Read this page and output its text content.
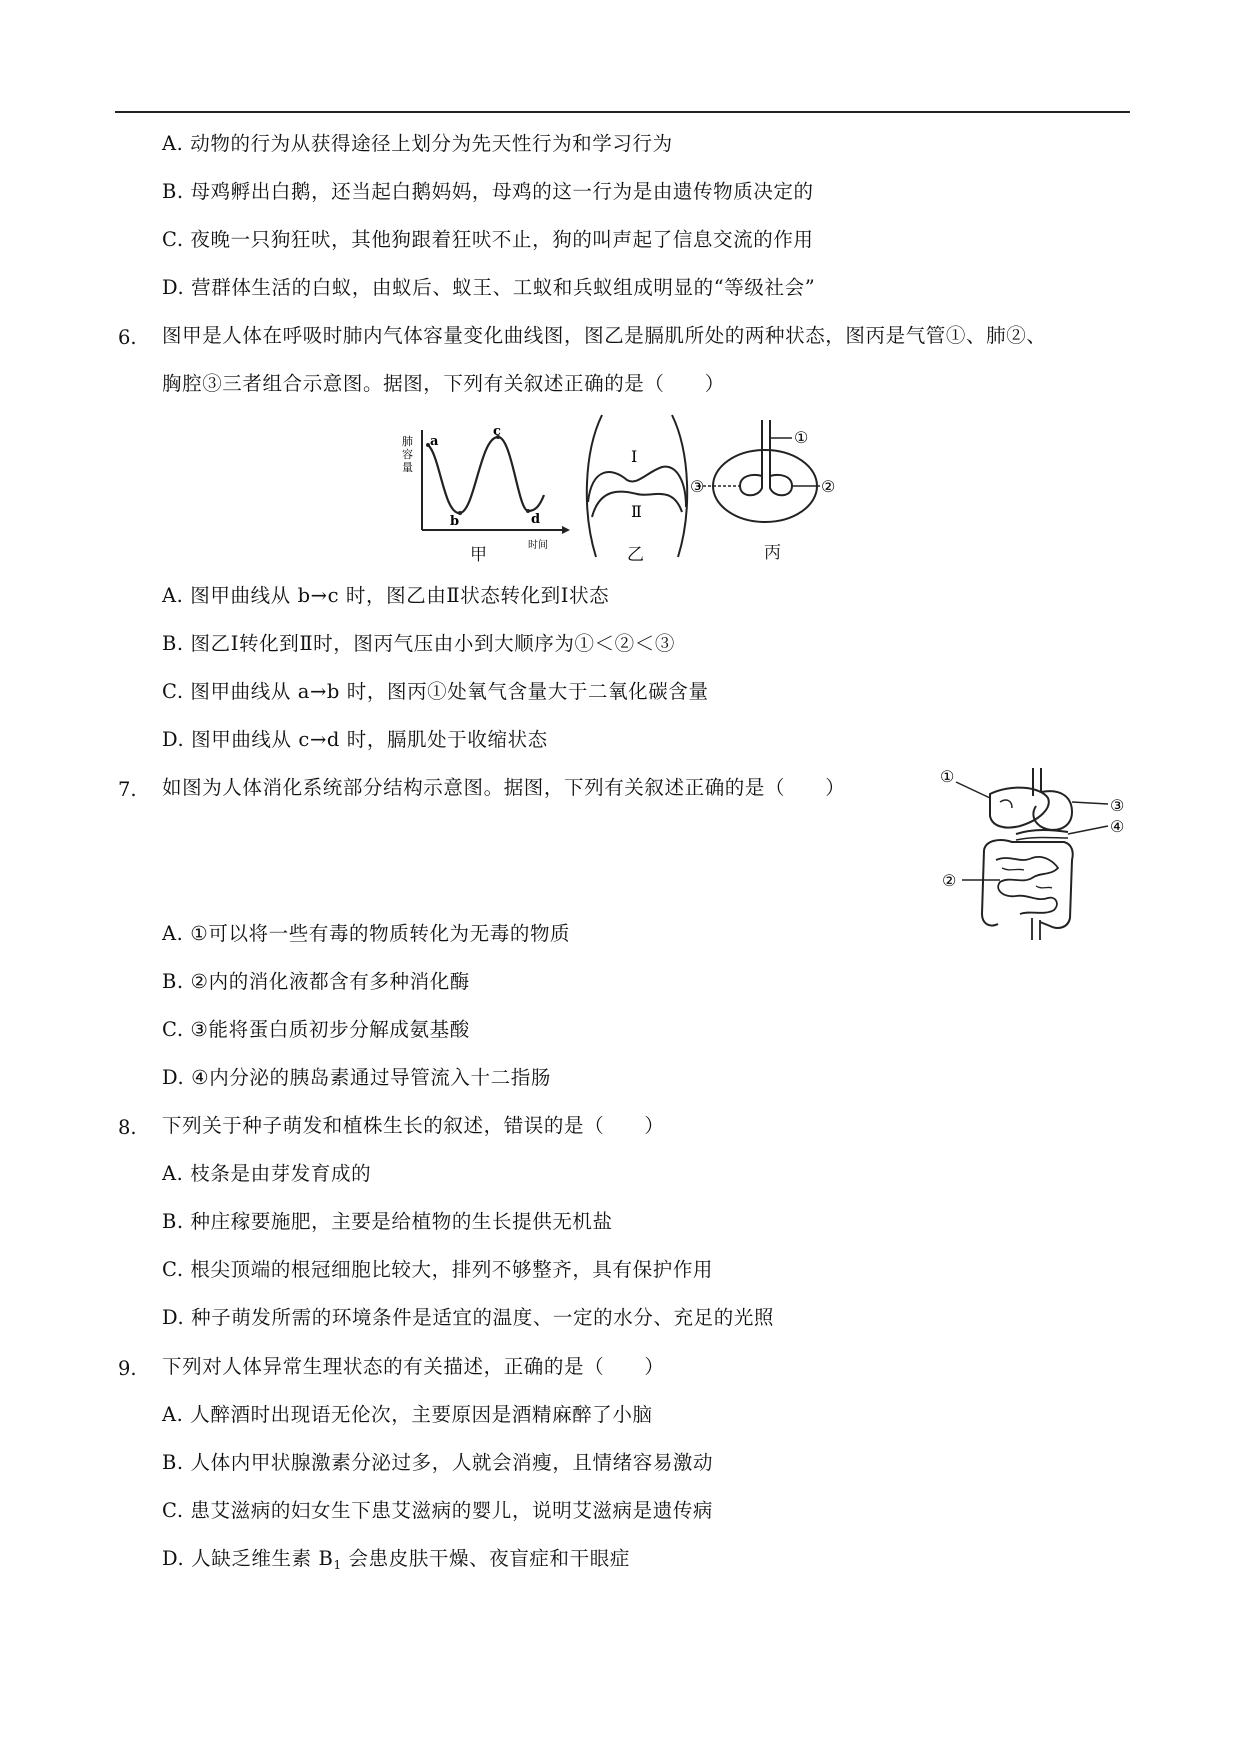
A. 动物的行为从获得途径上划分为先天性行为和学习行为
B. 母鸡孵出白鹅，还当起白鹅妈妈，母鸡的这一行为是由遗传物质决定的
C. 夜晚一只狗狂吠，其他狗跟着狂吠不止，狗的叫声起了信息交流的作用
D. 营群体生活的白蚁，由蚁后、蚁王、工蚁和兵蚁组成明显的“等级社会”
6. 图甲是人体在呼吸时肺内气体容量变化曲线图，图乙是膈肌所处的两种状态，图丙是气管①、肺②、
胸腔③三者组合示意图。据图，下列有关叙述正确的是（　　）
肺
容
量
a
b
c
d
时间
甲
Ⅰ
Ⅱ
乙
①
③	②
丙
A. 图甲曲线从 b→c 时，图乙由Ⅱ状态转化到Ⅰ状态
B. 图乙Ⅰ转化到Ⅱ时，图丙气压由小到大顺序为①＜②＜③
C. 图甲曲线从 a→b 时，图丙①处氧气含量大于二氧化碳含量
D. 图甲曲线从 c→d 时，膈肌处于收缩状态
7. 如图为人体消化系统部分结构示意图。据图，下列有关叙述正确的是（　　）	①
③
④
②
A. ①可以将一些有毒的物质转化为无毒的物质
B. ②内的消化液都含有多种消化酶
C. ③能将蛋白质初步分解成氨基酸
D. ④内分泌的胰岛素通过导管流入十二指肠
8. 下列关于种子萌发和植株生长的叙述，错误的是（　　）
A. 枝条是由芽发育成的
B. 种庄稼要施肥，主要是给植物的生长提供无机盐
C. 根尖顶端的根冠细胞比较大，排列不够整齐，具有保护作用
D. 种子萌发所需的环境条件是适宜的温度、一定的水分、充足的光照
9. 下列对人体异常生理状态的有关描述，正确的是（　　）
A. 人醉酒时出现语无伦次，主要原因是酒精麻醉了小脑
B. 人体内甲状腺激素分泌过多，人就会消瘦，且情绪容易激动
C. 患艾滋病的妇女生下患艾滋病的婴儿，说明艾滋病是遗传病
D. 人缺乏维生素 $B_1$ 会患皮肤干燥、夜盲症和干眼症
